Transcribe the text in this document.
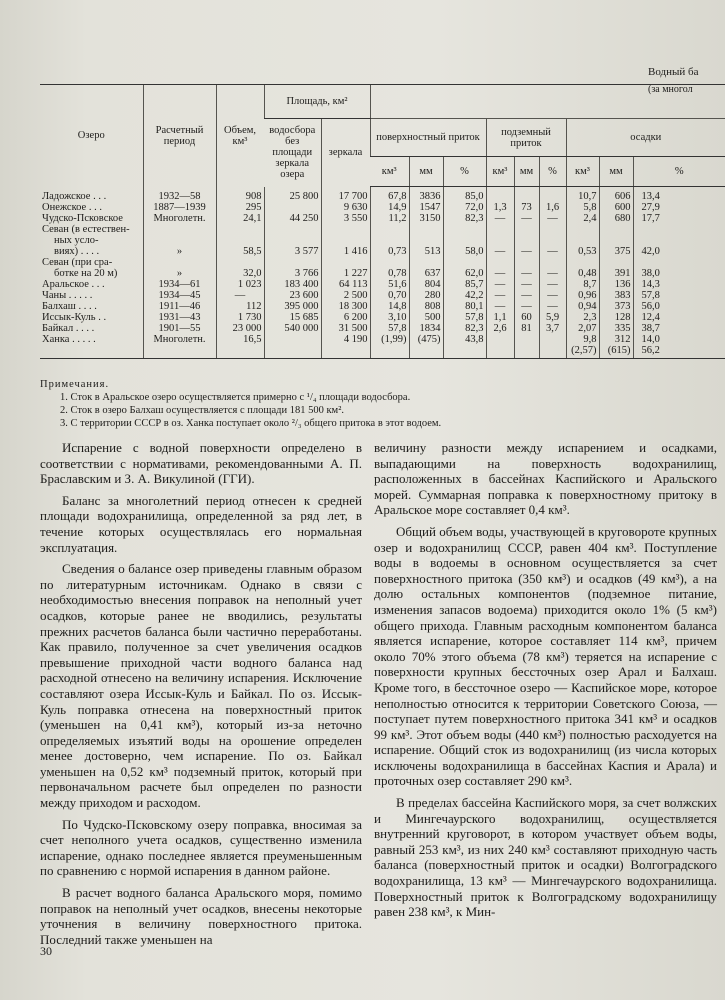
Водный ба
(за многол
Озеро	Расчетный период	Объем, км³	Площадь, км²										
			водосбора без площади зеркала озера	зеркала	поверхностный приток			подземный приток			осадки		
					км³	мм	%	км³	мм	%	км³	мм	%
Ладожское . . .	1932—58	908	25 800	17 700	67,8	3836	85,0				10,7	606	13,4
Онежское . . .	1887—1939	295		9 630	14,9	1547	72,0	1,3	73	1,6	5,8	600	27,9
Чудско-Псковское	Многолетн.	24,1	44 250	3 550	11,2	3150	82,3	—	—	—	2,4	680	17,7
Севан (в естествен-													
ных усло-													
виях) . . . .	»	58,5	3 577	1 416	0,73	513	58,0	—	—	—	0,53	375	42,0
Севан (при сра-													
ботке на 20 м)	»	32,0	3 766	1 227	0,78	637	62,0	—	—	—	0,48	391	38,0
Аральское . . .	1934—61	1 023	183 400	64 113	51,6	804	85,7	—	—	—	8,7	136	14,3
Чаны . . . . .	1934—45	—	23 600	2 500	0,70	280	42,2	—	—	—	0,96	383	57,8
Балхаш . . . .	1911—46	112	395 000	18 300	14,8	808	80,1	—	—	—	0,94	373	56,0
Иссык-Куль . .	1931—43	1 730	15 685	6 200	3,10	500	57,8	1,1	60	5,9	2,3	128	12,4
Байкал . . . .	1901—55	23 000	540 000	31 500	57,8	1834	82,3	2,6	81	3,7	2,07	335	38,7
Ханка . . . . .	Многолетн.	16,5		4 190	(1,99)	(475)	43,8				9,8	312	14,0
											(2,57)	(615)	56,2
Примечания.
1. Сток в Аральское озеро осуществляется примерно с ¹/₄ площади водосбора.
2. Сток в озеро Балхаш осуществляется с площади 181 500 км².
3. С территории СССР в оз. Ханка поступает около ²/₃ общего притока в этот водоем.

Испарение с водной поверхности определено в соответствии с нормативами, рекомендованными А. П. Браславским и З. А. Викулиной (ГГИ).

Баланс за многолетний период отнесен к средней площади водохранилища, определенной за ряд лет, в течение которых осуществлялась его нормальная эксплуатация.

Сведения о балансе озер приведены главным образом по литературным источникам. Однако в связи с необходимостью внесения поправок на неполный учет осадков, которые ранее не вводились, результаты прежних расчетов баланса были частично переработаны. Как правило, полученное за счет увеличения осадков превышение приходной части водного баланса над расходной отнесено на величину испарения. Исключение составляют озера Иссык-Куль и Байкал. По оз. Иссык-Куль поправка отнесена на поверхностный приток (уменьшен на 0,41 км³), который из-за неточно определяемых изъятий воды на орошение определен менее достоверно, чем испарение. По оз. Байкал уменьшен на 0,52 км³ подземный приток, который при первоначальном расчете был определен по разности между приходом и расходом.

По Чудско-Псковскому озеру поправка, вносимая за счет неполного учета осадков, существенно изменила испарение, однако последнее является преуменьшенным по сравнению с нормой испарения в данном районе.

В расчет водного баланса Аральского моря, помимо поправок на неполный учет осадков, внесены некоторые уточнения в величину поверхностного притока. Последний также уменьшен на

величину разности между испарением и осадками, выпадающими на поверхность водохранилищ, расположенных в бассейнах Каспийского и Аральского морей. Суммарная поправка к поверхностному притоку в Аральское море составляет 0,4 км³.

Общий объем воды, участвующей в круговороте крупных озер и водохранилищ СССР, равен 404 км³. Поступление воды в водоемы в основном осуществляется за счет поверхностного притока (350 км³) и осадков (49 км³), а на долю остальных компонентов (подземное питание, изменения запасов водоема) приходится около 1% (5 км³) общего прихода. Главным расходным компонентом баланса является испарение, которое составляет 114 км³, причем около 70% этого объема (78 км³) теряется на испарение с поверхности крупных бессточных озер Арал и Балхаш. Кроме того, в бессточное озеро — Каспийское море, которое неполностью относится к территории Советского Союза, — поступает путем поверхностного притока 341 км³ и осадков 99 км³. Этот объем воды (440 км³) полностью расходуется на испарение. Общий сток из водохранилищ (из числа которых исключены водохранилища в бассейнах Каспия и Арала) и проточных озер составляет 290 км³.

В пределах бассейна Каспийского моря, за счет волжских и Мингечаурского водохранилищ, осуществляется внутренний круговорот, в котором участвует объем воды, равный 253 км³, из них 240 км³ составляют приходную часть баланса (поверхностный приток и осадки) Волгоградского водохранилища, 13 км³ — Мингечаурского водохранилища. Поверхностный приток к Волгоградскому водохранилищу равен 238 км³, к Мин-

30
